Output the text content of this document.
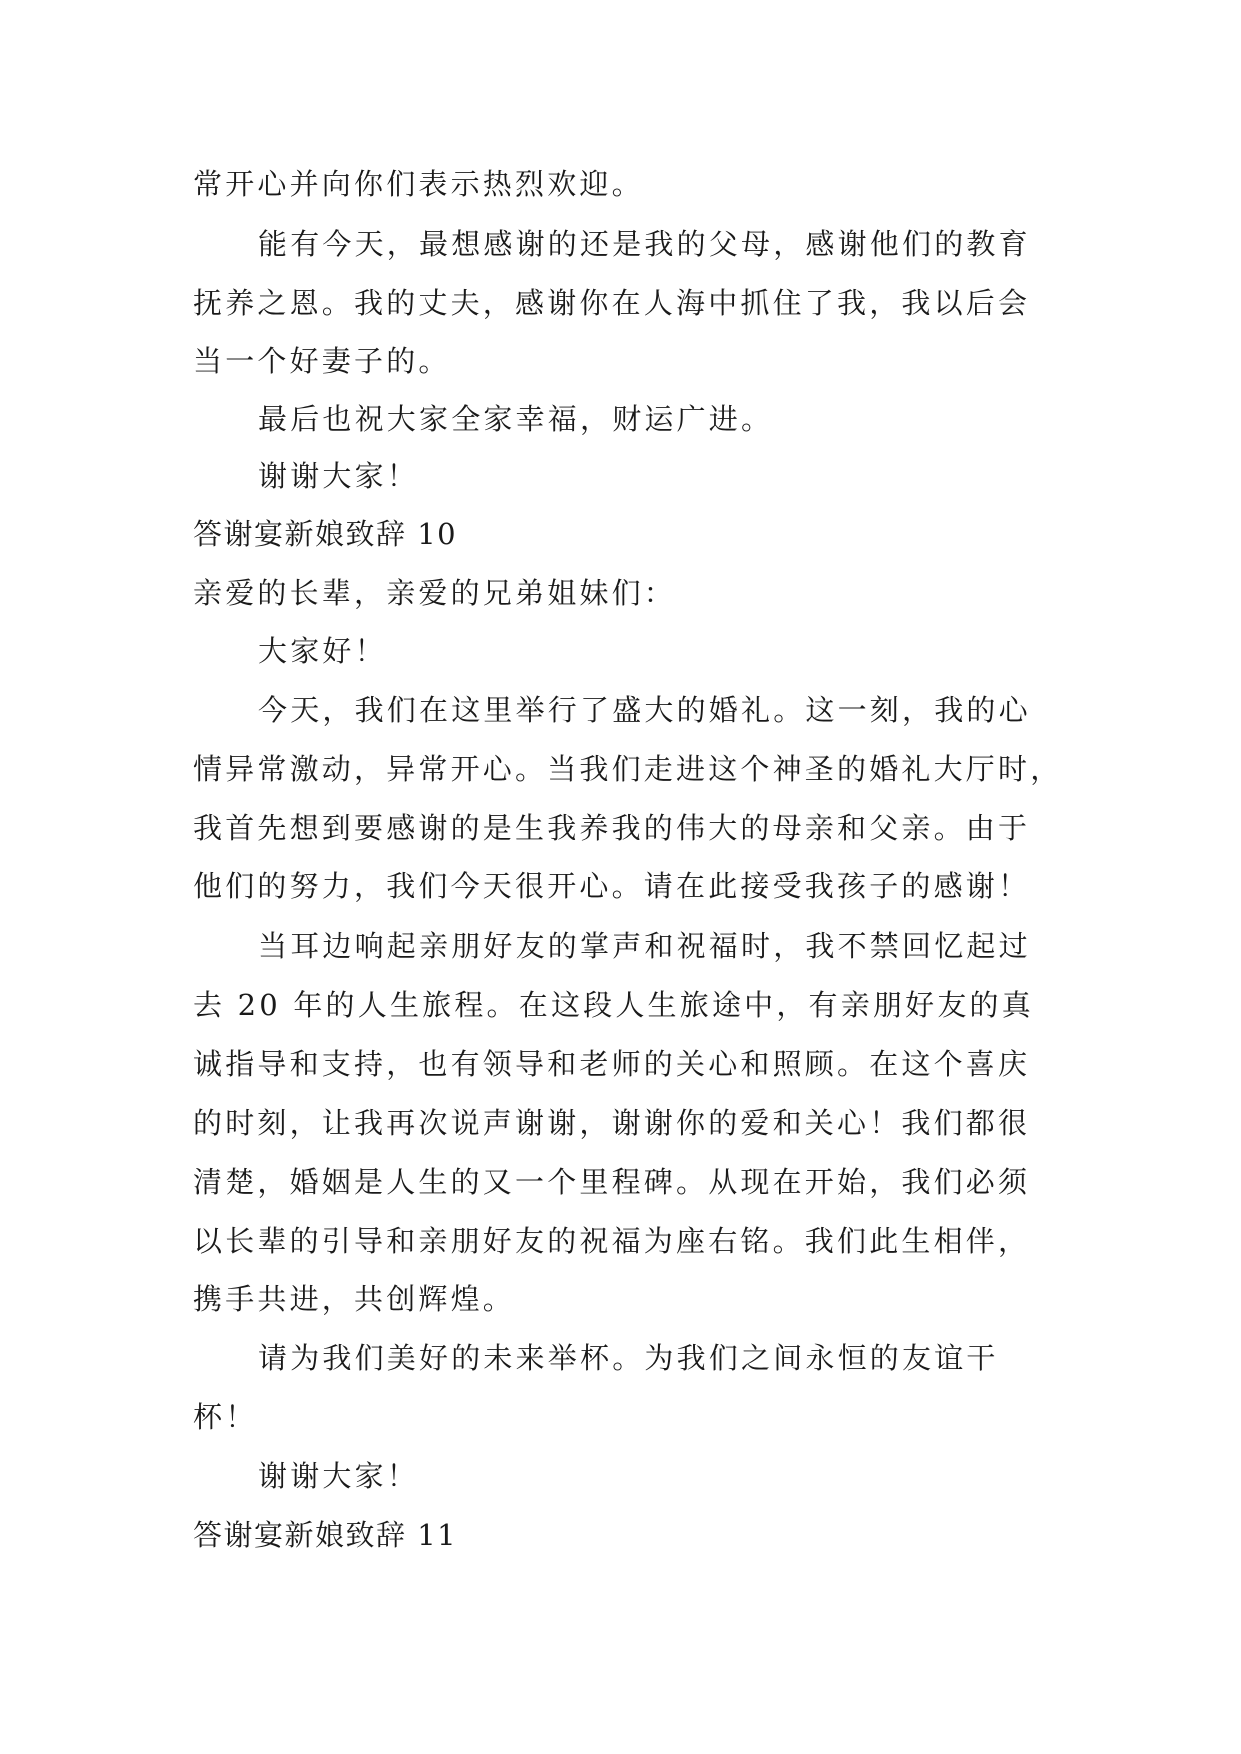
常开心并向你们表示热烈欢迎。
能有今天，最想感谢的还是我的父母，感谢他们的教育
抚养之恩。我的丈夫，感谢你在人海中抓住了我，我以后会
当一个好妻子的。
最后也祝大家全家幸福，财运广进。
谢谢大家！
答谢宴新娘致辞 10
亲爱的长辈，亲爱的兄弟姐妹们：
大家好！
今天，我们在这里举行了盛大的婚礼。这一刻，我的心
情异常激动，异常开心。当我们走进这个神圣的婚礼大厅时，
我首先想到要感谢的是生我养我的伟大的母亲和父亲。由于
他们的努力，我们今天很开心。请在此接受我孩子的感谢！
当耳边响起亲朋好友的掌声和祝福时，我不禁回忆起过
去 20 年的人生旅程。在这段人生旅途中，有亲朋好友的真
诚指导和支持，也有领导和老师的关心和照顾。在这个喜庆
的时刻，让我再次说声谢谢，谢谢你的爱和关心！我们都很
清楚，婚姻是人生的又一个里程碑。从现在开始，我们必须
以长辈的引导和亲朋好友的祝福为座右铭。我们此生相伴，
携手共进，共创辉煌。
请为我们美好的未来举杯。为我们之间永恒的友谊干
杯！
谢谢大家！
答谢宴新娘致辞 11
